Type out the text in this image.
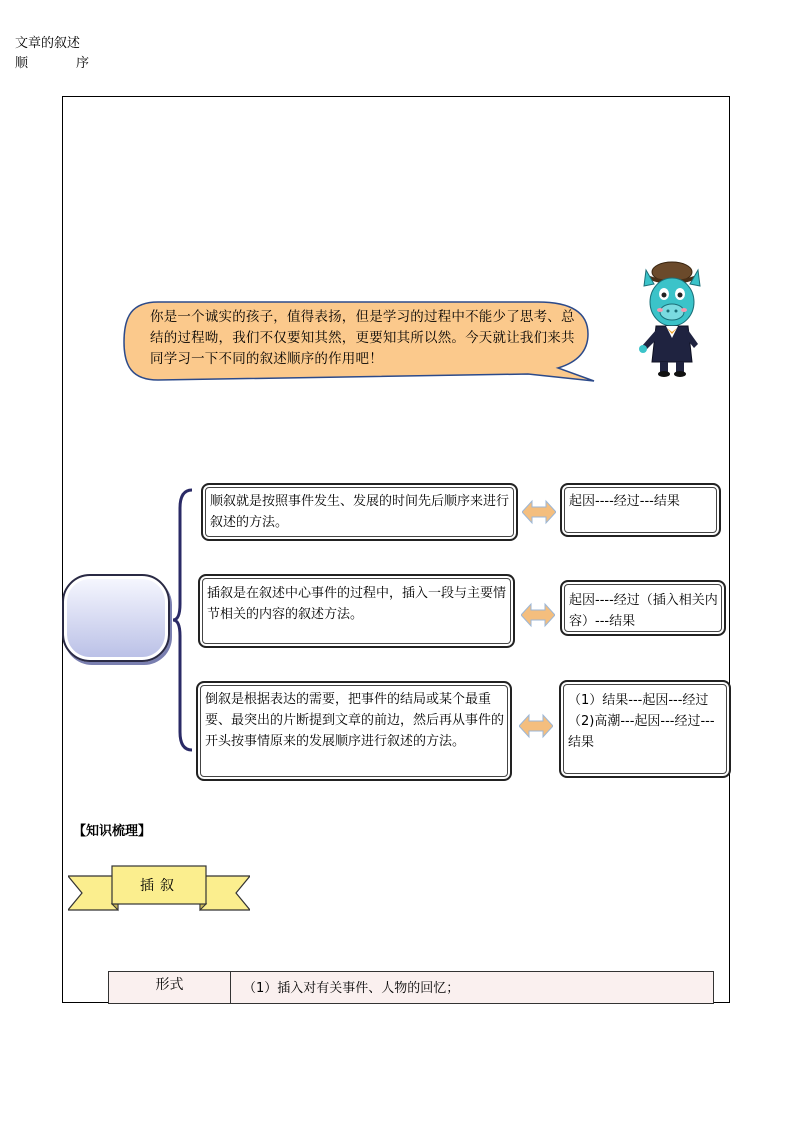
你是一个诚实的孩子，值得表扬，但是学习的过程中不能少了思考、总结的过程呦，我们不仅要知其然，更要知其所以然。今天就让我们来共同学习一下不同的叙述顺序的作用吧！
文章的叙述
顺	序
顺叙就是按照事件发生、发展的时间先后顺序来进行叙述的方法。
起因----经过---结果
插叙是在叙述中心事件的过程中，插入一段与主要情节相关的内容的叙述方法。
起因----经过（插入相关内容）---结果
倒叙是根据表达的需要，把事件的结局或某个最重要、最突出的片断提到文章的前边，然后再从事件的开头按事情原来的发展顺序进行叙述的方法。
（1）结果---起因---经过
（2)高潮---起因---经过---结果
【知识梳理】
插叙
形式	（1）插入对有关事件、人物的回忆；
